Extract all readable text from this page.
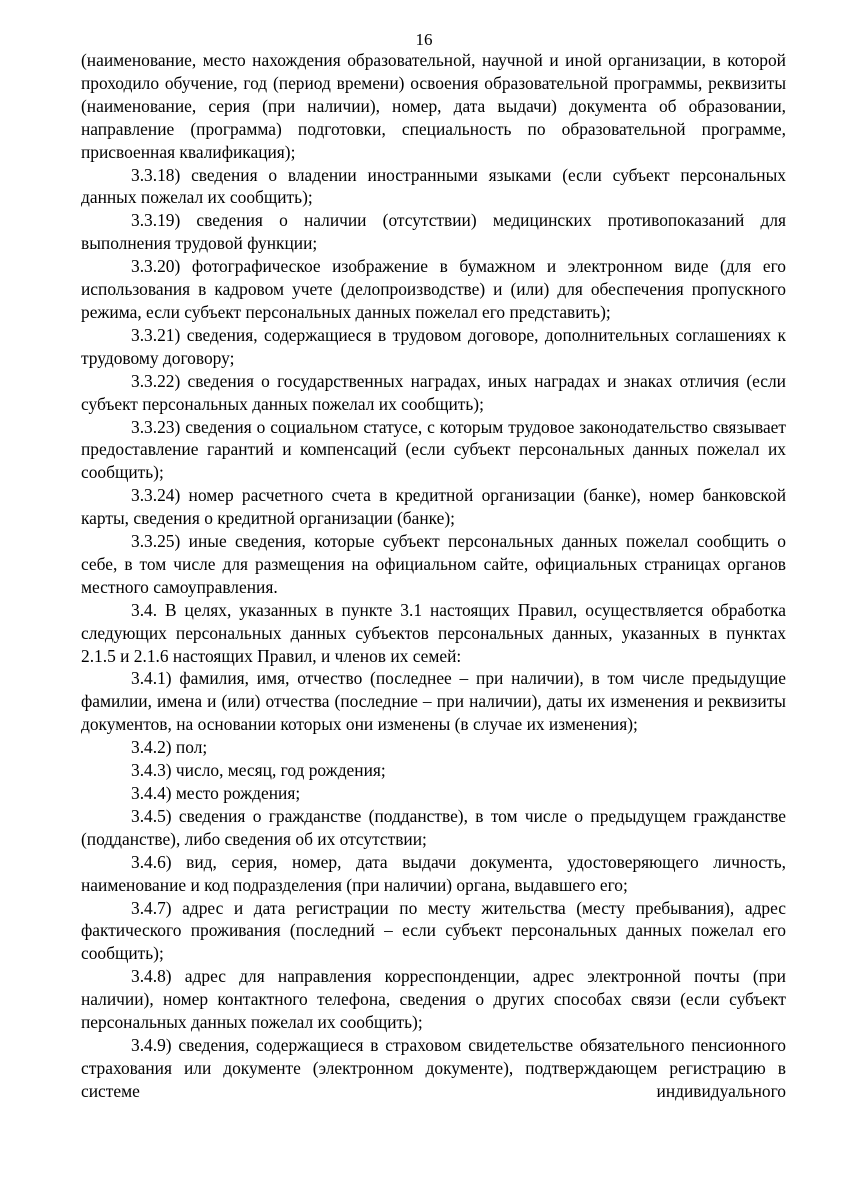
16

(наименование, место нахождения образовательной, научной и иной организации, в которой проходило обучение, год (период времени) освоения образовательной программы, реквизиты (наименование, серия (при наличии), номер, дата выдачи) документа об образовании, направление (программа) подготовки, специальность по образовательной программе, присвоенная квалификация);

3.3.18) сведения о владении иностранными языками (если субъект персональных данных пожелал их сообщить);

3.3.19) сведения о наличии (отсутствии) медицинских противопоказаний для выполнения трудовой функции;

3.3.20) фотографическое изображение в бумажном и электронном виде (для его использования в кадровом учете (делопроизводстве) и (или) для обеспечения пропускного режима, если субъект персональных данных пожелал его представить);

3.3.21) сведения, содержащиеся в трудовом договоре, дополнительных соглашениях к трудовому договору;

3.3.22) сведения о государственных наградах, иных наградах и знаках отличия (если субъект персональных данных пожелал их сообщить);

3.3.23) сведения о социальном статусе, с которым трудовое законодательство связывает предоставление гарантий и компенсаций (если субъект персональных данных пожелал их сообщить);

3.3.24) номер расчетного счета в кредитной организации (банке), номер банковской карты, сведения о кредитной организации (банке);

3.3.25) иные сведения, которые субъект персональных данных пожелал сообщить о себе, в том числе для размещения на официальном сайте, официальных страницах органов местного самоуправления.

3.4. В целях, указанных в пункте 3.1 настоящих Правил, осуществляется обработка следующих персональных данных субъектов персональных данных, указанных в пунктах 2.1.5 и 2.1.6 настоящих Правил, и членов их семей:

3.4.1) фамилия, имя, отчество (последнее – при наличии), в том числе предыдущие фамилии, имена и (или) отчества (последние – при наличии), даты их изменения и реквизиты документов, на основании которых они изменены (в случае их изменения);

3.4.2) пол;

3.4.3) число, месяц, год рождения;

3.4.4) место рождения;

3.4.5) сведения о гражданстве (подданстве), в том числе о предыдущем гражданстве (подданстве), либо сведения об их отсутствии;

3.4.6) вид, серия, номер, дата выдачи документа, удостоверяющего личность, наименование и код подразделения (при наличии) органа, выдавшего его;

3.4.7) адрес и дата регистрации по месту жительства (месту пребывания), адрес фактического проживания (последний – если субъект персональных данных пожелал его сообщить);

3.4.8) адрес для направления корреспонденции, адрес электронной почты (при наличии), номер контактного телефона, сведения о других способах связи (если субъект персональных данных пожелал их сообщить);

3.4.9) сведения, содержащиеся в страховом свидетельстве обязательного пенсионного страхования или документе (электронном документе), подтверждающем регистрацию в системе индивидуального
